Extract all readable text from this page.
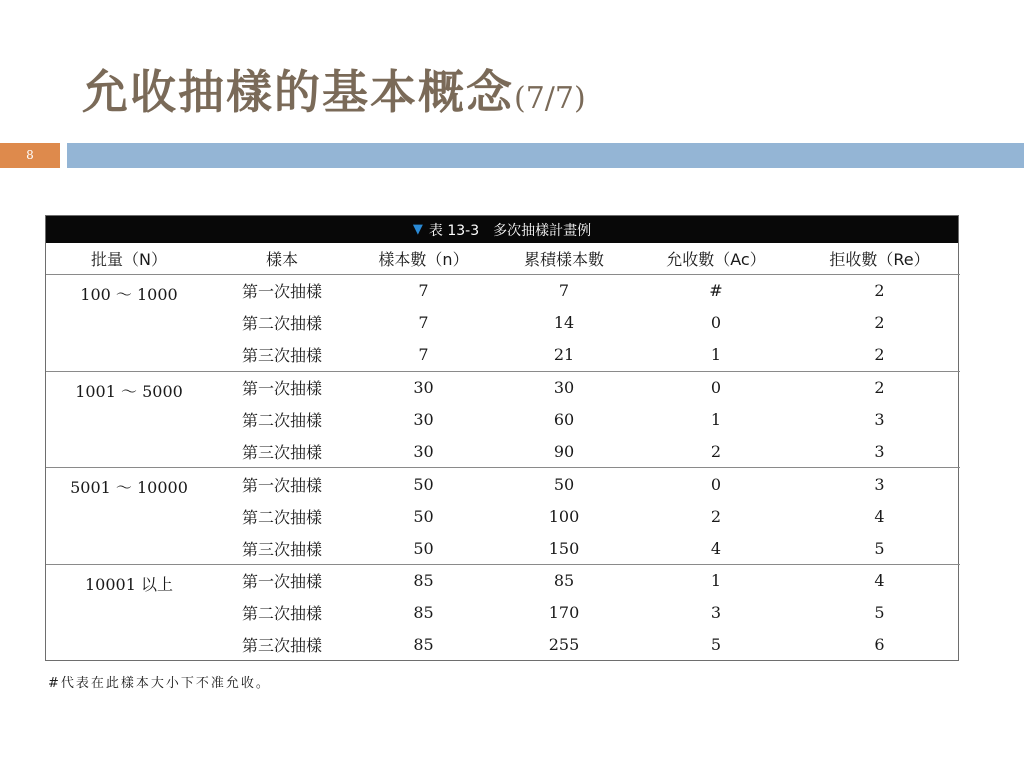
允收抽樣的基本概念(7/7)
8
▼ 表 13-3　多次抽樣計畫例
批量（N）	樣本	樣本數（n）	累積樣本數	允收數（Ac）	拒收數（Re）
100 ～ 1000	第一次抽樣	7	7	#	2
	第二次抽樣	7	14	0	2
	第三次抽樣	7	21	1	2
1001 ～ 5000	第一次抽樣	30	30	0	2
	第二次抽樣	30	60	1	3
	第三次抽樣	30	90	2	3
5001 ～ 10000	第一次抽樣	50	50	0	3
	第二次抽樣	50	100	2	4
	第三次抽樣	50	150	4	5
10001 以上	第一次抽樣	85	85	1	4
	第二次抽樣	85	170	3	5
	第三次抽樣	85	255	5	6
#代表在此樣本大小下不准允收。
